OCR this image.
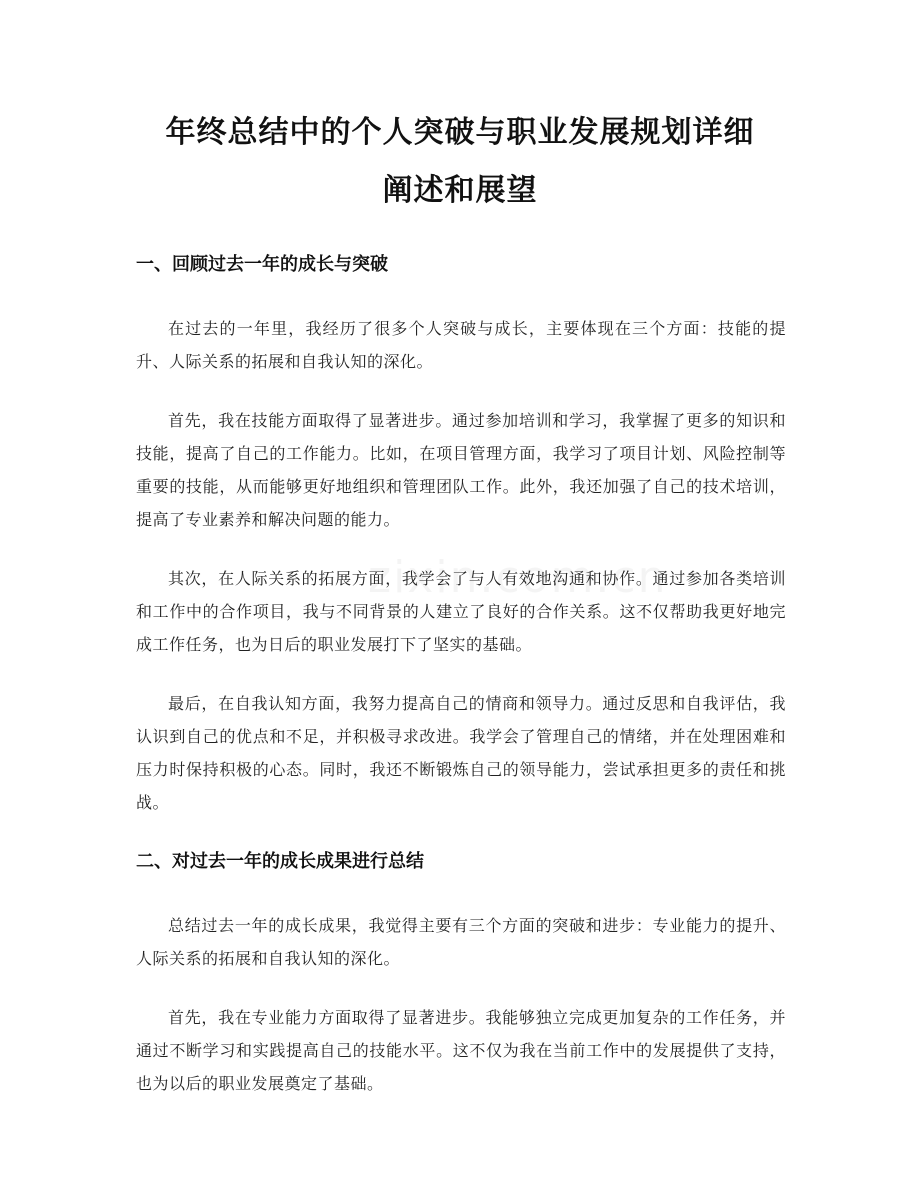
年终总结中的个人突破与职业发展规划详细
阐述和展望
一、回顾过去一年的成长与突破

在过去的一年里，我经历了很多个人突破与成长，主要体现在三个方面：技能的提升、人际关系的拓展和自我认知的深化。

首先，我在技能方面取得了显著进步。通过参加培训和学习，我掌握了更多的知识和技能，提高了自己的工作能力。比如，在项目管理方面，我学习了项目计划、风险控制等重要的技能，从而能够更好地组织和管理团队工作。此外，我还加强了自己的技术培训，提高了专业素养和解决问题的能力。

其次，在人际关系的拓展方面，我学会了与人有效地沟通和协作。通过参加各类培训和工作中的合作项目，我与不同背景的人建立了良好的合作关系。这不仅帮助我更好地完成工作任务，也为日后的职业发展打下了坚实的基础。

最后，在自我认知方面，我努力提高自己的情商和领导力。通过反思和自我评估，我认识到自己的优点和不足，并积极寻求改进。我学会了管理自己的情绪，并在处理困难和压力时保持积极的心态。同时，我还不断锻炼自己的领导能力，尝试承担更多的责任和挑战。

二、对过去一年的成长成果进行总结

总结过去一年的成长成果，我觉得主要有三个方面的突破和进步：专业能力的提升、人际关系的拓展和自我认知的深化。

首先，我在专业能力方面取得了显著进步。我能够独立完成更加复杂的工作任务，并通过不断学习和实践提高自己的技能水平。这不仅为我在当前工作中的发展提供了支持，也为以后的职业发展奠定了基础。
